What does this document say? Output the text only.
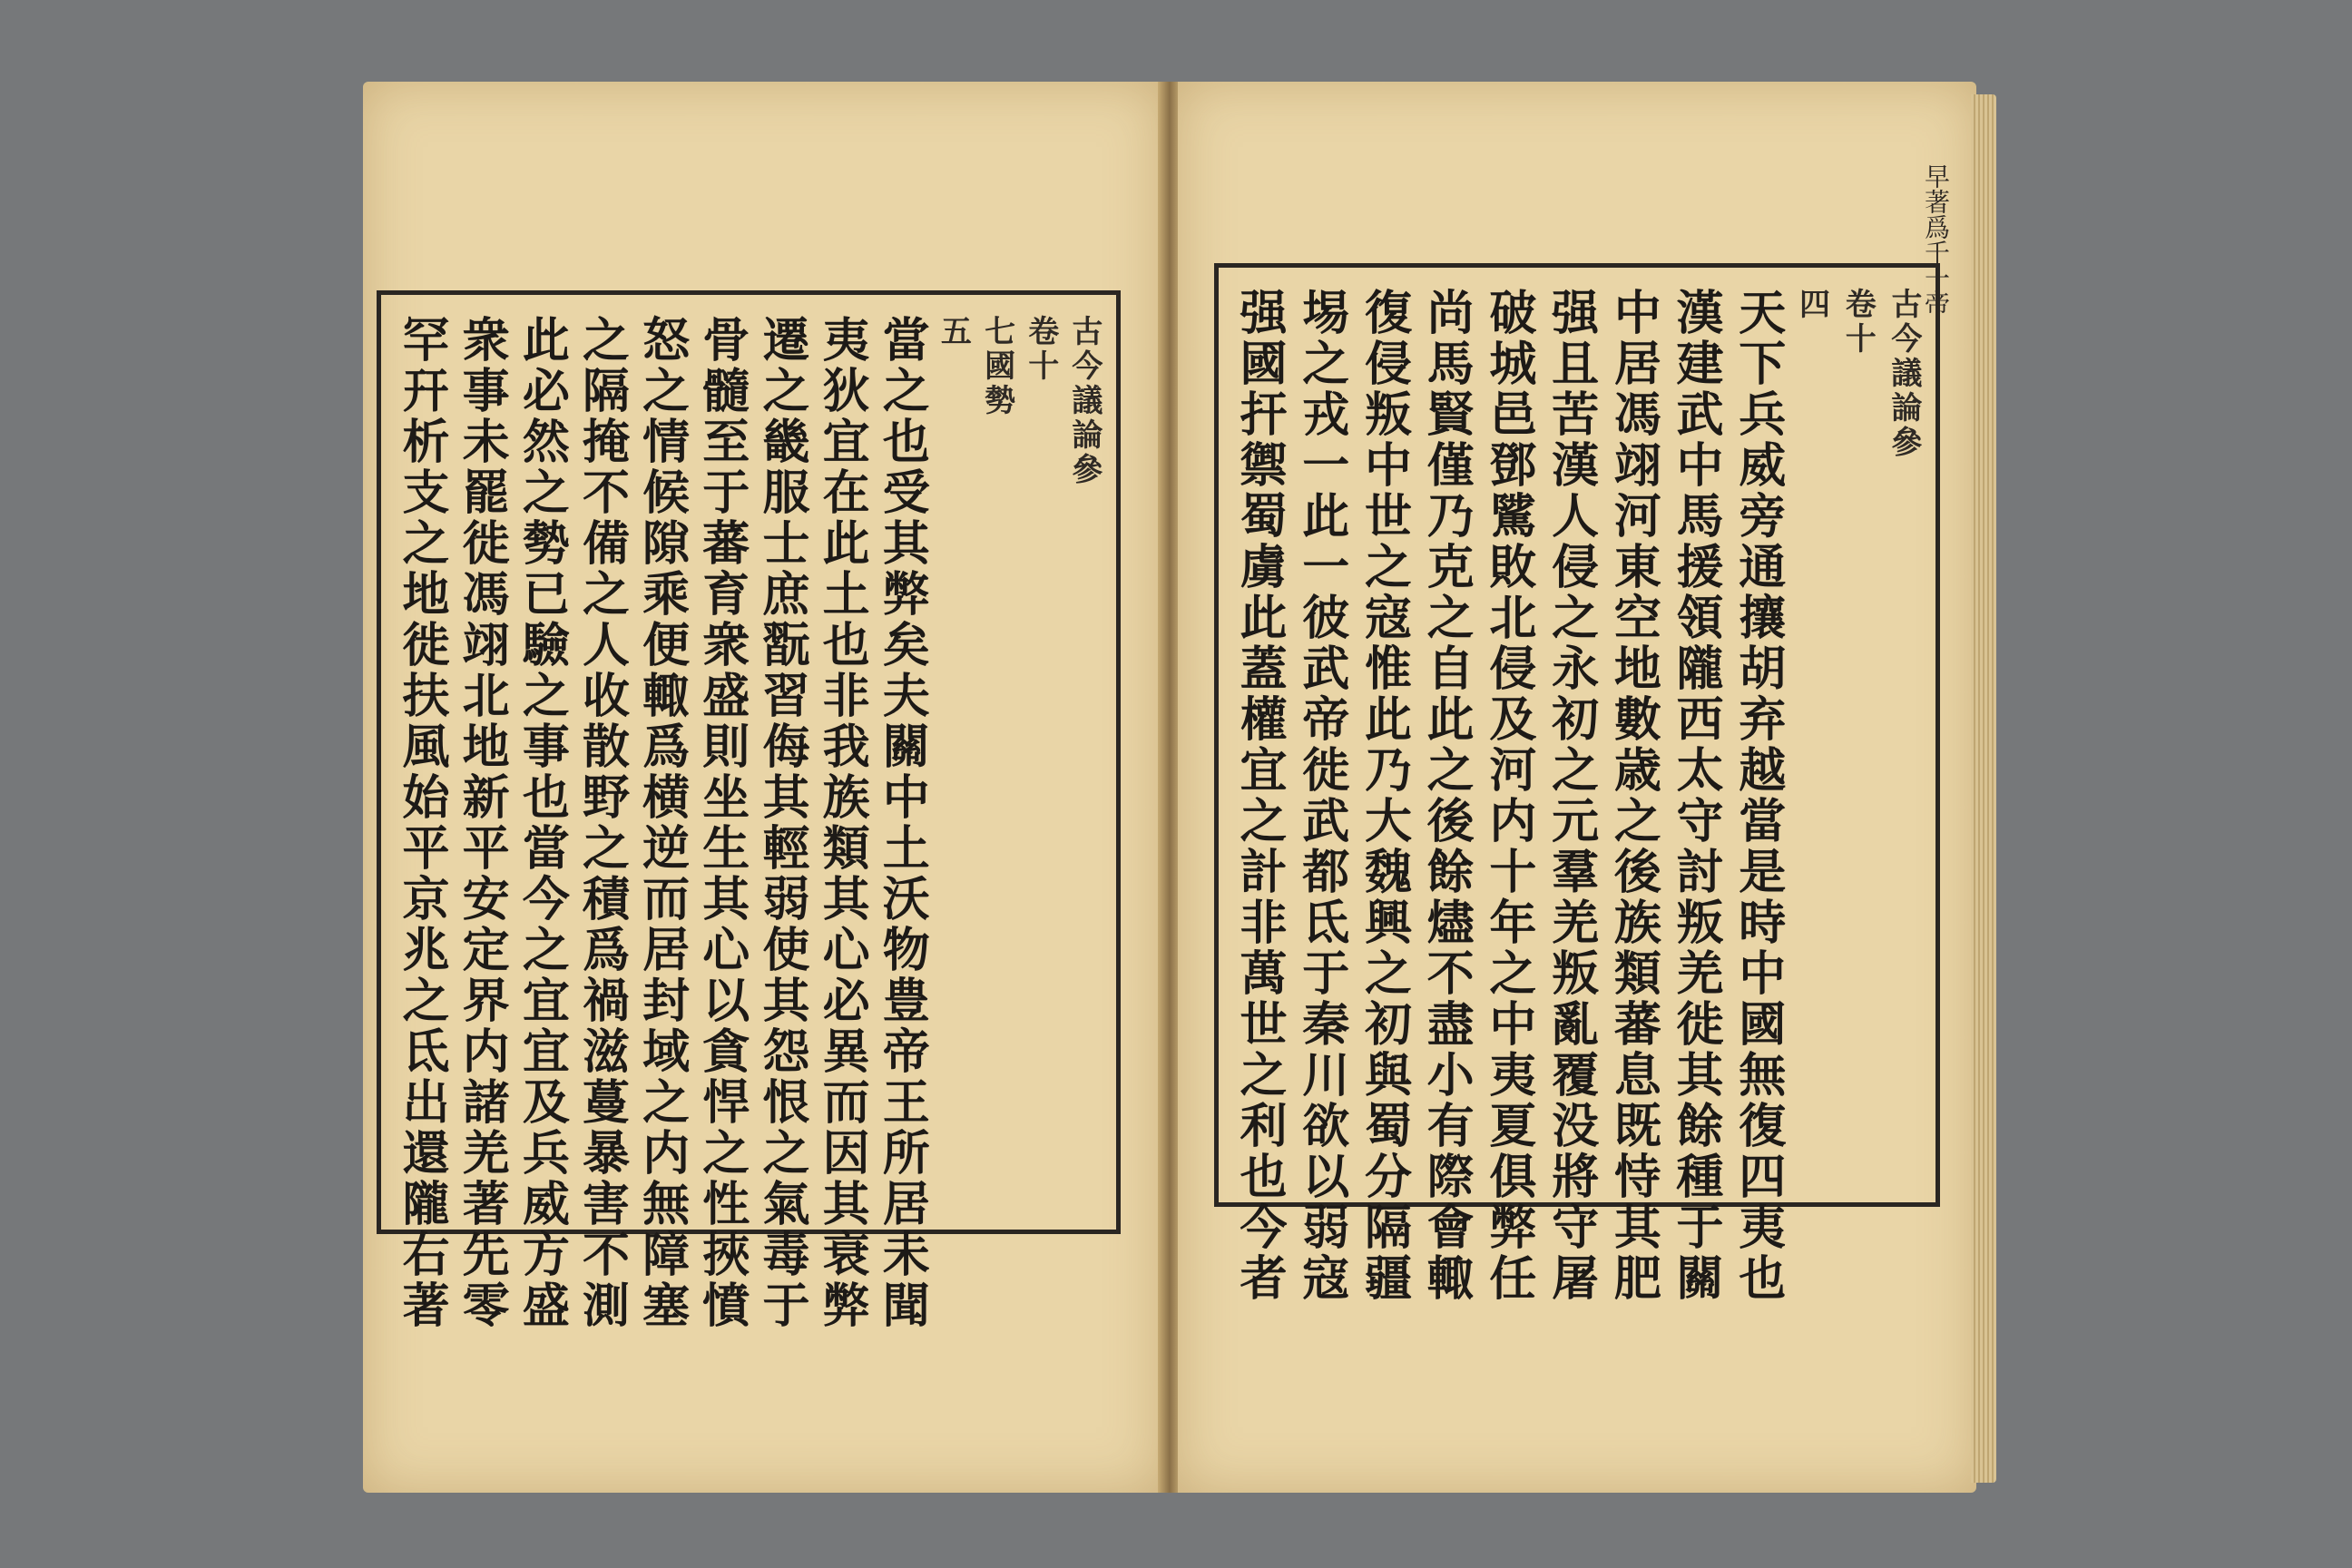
古今議論參
卷十
七國勢
五
當之也受其弊矣夫關中土沃物豊帝王所居未聞
夷狄宜在此土也非我族類其心必異而因其衰弊
遷之畿服士庶翫習侮其輕弱使其怨恨之氣毒于
骨髓至于蕃育衆盛則坐生其心以貪悍之性挾憤
怒之情候隙乘便輙爲横逆而居封域之内無障塞
之隔掩不備之人收散野之積爲禍滋蔓暴害不測
此必然之勢已驗之事也當今之宜宜及兵威方盛
衆事未罷徙馮翊北地新平安定界内諸羌著先零
罕幵析支之地徙扶風始平京兆之氐出還隴右著
早著爲千一帝
古今議論參
卷十
四
天下兵威旁通攘胡弃越當是時中國無復四夷也
漢建武中馬援領隴西太守討叛羌徙其餘種于關
中居馮翊河東空地數歳之後族類蕃息既恃其肥
强且苦漢人侵之永初之元羣羌叛亂覆没將守屠
破城邑鄧騭敗北侵及河内十年之中夷夏俱弊任
尚馬賢僅乃克之自此之後餘燼不盡小有際會輙
復侵叛中世之寇惟此乃大魏興之初與蜀分隔疆
埸之戎一此一彼武帝徙武都氐于秦川欲以弱寇
强國扞禦蜀虜此蓋權宜之計非萬世之利也今者
